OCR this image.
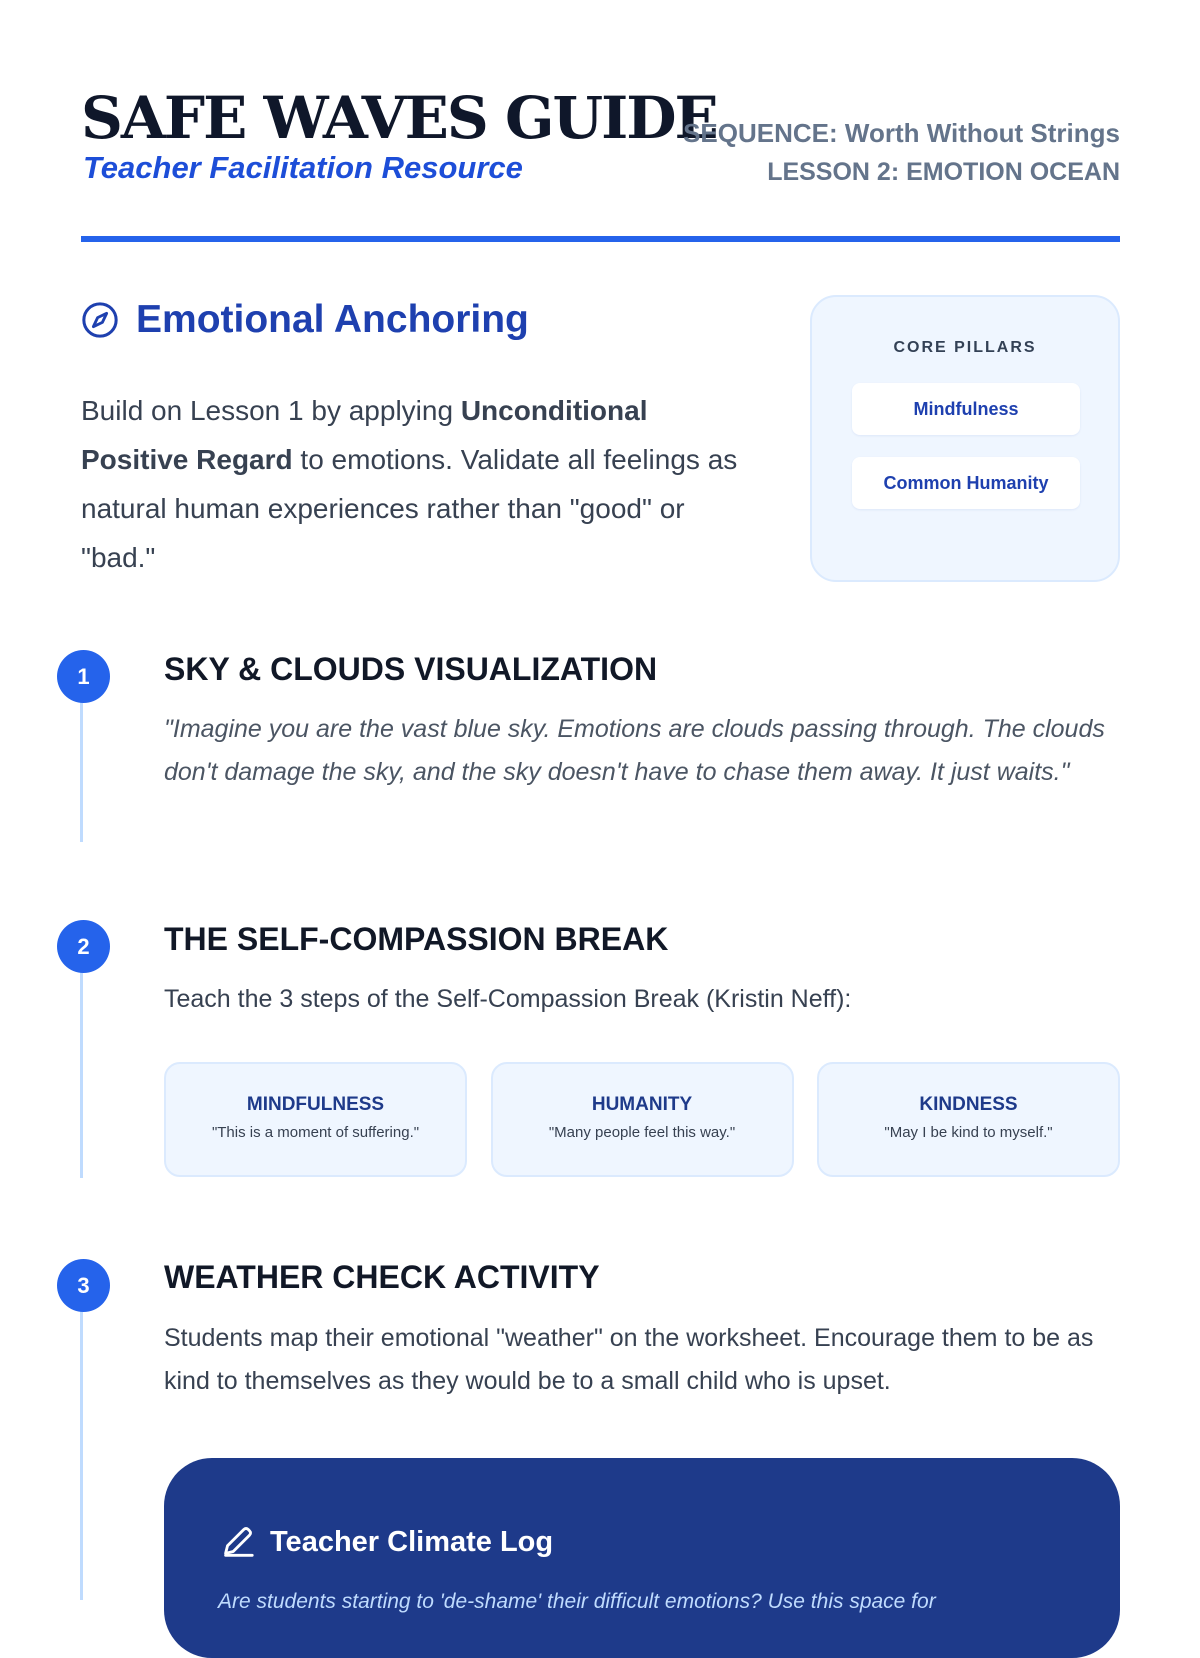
SAFE WAVES GUIDE
Teacher Facilitation Resource
SEQUENCE: Worth Without Strings
LESSON 2: EMOTION OCEAN
Emotional Anchoring

Build on Lesson 1 by applying Unconditional Positive Regard to emotions. Validate all feelings as natural human experiences rather than "good" or "bad."

CORE PILLARS
Mindfulness
Common Humanity
1	SKY & CLOUDS VISUALIZATION

"Imagine you are the vast blue sky. Emotions are clouds passing through. The clouds don't damage the sky, and the sky doesn't have to chase them away. It just waits."

2	THE SELF-COMPASSION BREAK

Teach the 3 steps of the Self-Compassion Break (Kristin Neff):

MINDFULNESS
"This is a moment of suffering."
HUMANITY
"Many people feel this way."
KINDNESS
"May I be kind to myself."
3	WEATHER CHECK ACTIVITY

Students map their emotional "weather" on the worksheet. Encourage them to be as kind to themselves as they would be to a small child who is upset.

Teacher Climate Log

Are students starting to 'de-shame' their difficult emotions? Use this space for
